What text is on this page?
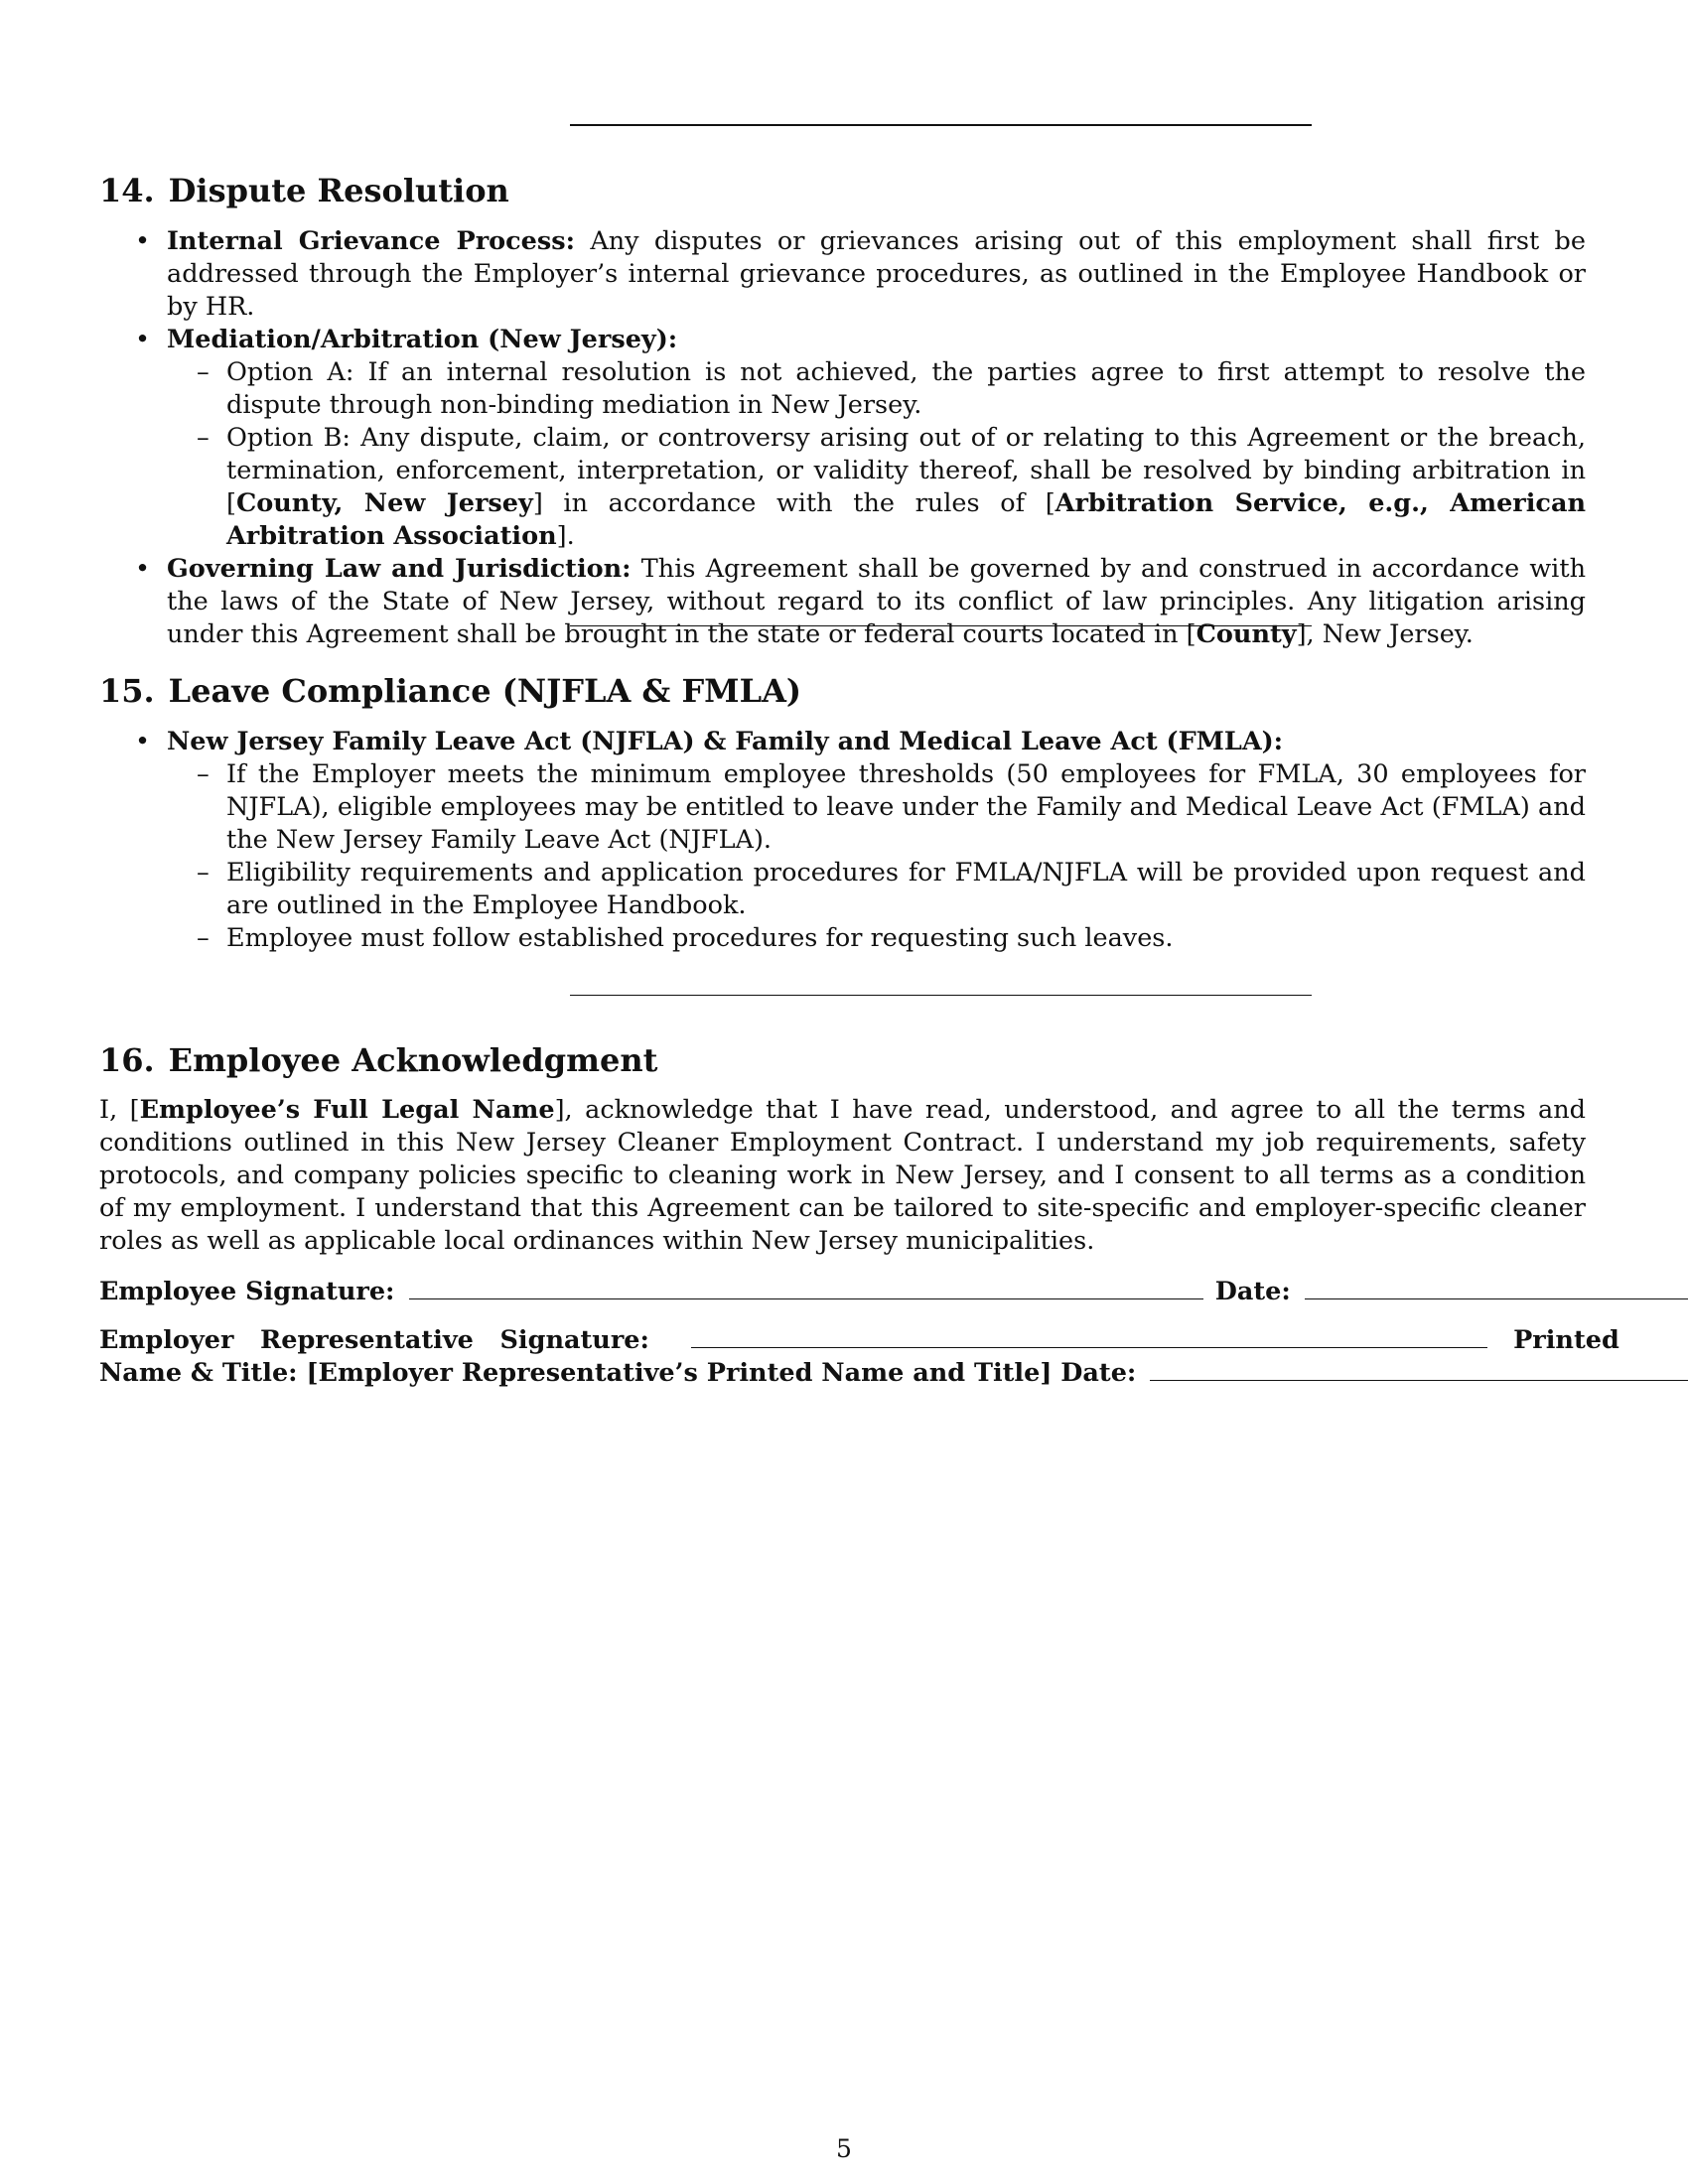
14. Dispute Resolution
• Internal Grievance Process: Any disputes or grievances arising out of this employment shall first be addressed through the Employer’s internal grievance procedures, as outlined in the Employee Handbook or by HR.
• Mediation/Arbitration (New Jersey):
– Option A: If an internal resolution is not achieved, the parties agree to first attempt to resolve the dispute through non-binding mediation in New Jersey.
– Option B: Any dispute, claim, or controversy arising out of or relating to this Agreement or the breach, termination, enforcement, interpretation, or validity thereof, shall be resolved by binding arbitration in [County, New Jersey] in accordance with the rules of [Arbitration Service, e.g., American Arbitration Association].
• Governing Law and Jurisdiction: This Agreement shall be governed by and construed in accordance with the laws of the State of New Jersey, without regard to its conflict of law principles. Any litigation arising under this Agreement shall be brought in the state or federal courts located in [County], New Jersey.
15. Leave Compliance (NJFLA & FMLA)
• New Jersey Family Leave Act (NJFLA) & Family and Medical Leave Act (FMLA):
– If the Employer meets the minimum employee thresholds (50 employees for FMLA, 30 employees for NJFLA), eligible employees may be entitled to leave under the Family and Medical Leave Act (FMLA) and the New Jersey Family Leave Act (NJFLA).
– Eligibility requirements and application procedures for FMLA/NJFLA will be provided upon request and are outlined in the Employee Handbook.
– Employee must follow established procedures for requesting such leaves.
16. Employee Acknowledgment
I, [Employee’s Full Legal Name], acknowledge that I have read, understood, and agree to all the terms and conditions outlined in this New Jersey Cleaner Employment Contract. I understand my job requirements, safety protocols, and company policies specific to cleaning work in New Jersey, and I consent to all terms as a condition of my employment. I understand that this Agreement can be tailored to site-specific and employer-specific cleaner roles as well as applicable local ordinances within New Jersey municipalities.
Employee Signature:	Date:
Employer   Representative   Signature:	Printed
Name & Title: [Employer Representative’s Printed Name and Title] Date:
5
